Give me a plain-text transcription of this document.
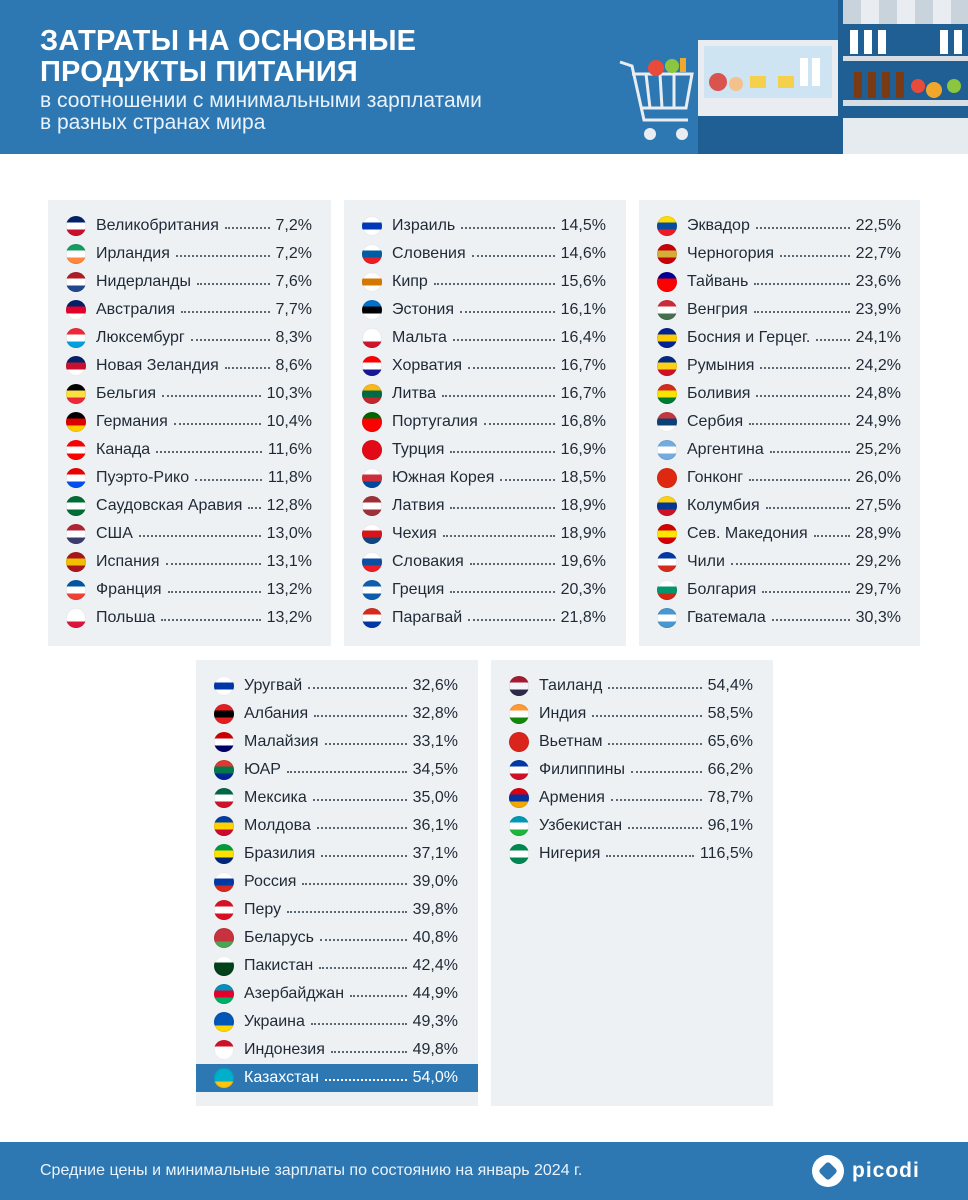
ЗАТРАТЫ НА ОСНОВНЫЕ
ПРОДУКТЫ ПИТАНИЯ
в соотношении с минимальными зарплатами
в разных странах мира
Великобритания	7,2%
Ирландия	7,2%
Нидерланды	7,6%
Австралия	7,7%
Люксембург	8,3%
Новая Зеландия	8,6%
Бельгия	10,3%
Германия	10,4%
Канада	11,6%
Пуэрто-Рико	11,8%
Саудовская Аравия 12,8%
США	13,0%
Испания	13,1%
Франция	13,2%
Польша	13,2%
Израиль	14,5%
Словения	14,6%
Кипр	15,6%
Эстония	16,1%
Мальта	16,4%
Хорватия	16,7%
Литва	16,7%
Португалия	16,8%
Турция	16,9%
Южная Корея	18,5%
Латвия	18,9%
Чехия	18,9%
Словакия	19,6%
Греция	20,3%
Парагвай	21,8%
Эквадор	22,5%
Черногория	22,7%
Тайвань	23,6%
Венгрия	23,9%
Босния и Герцег.	24,1%
Румыния	24,2%
Боливия	24,8%
Сербия	24,9%
Аргентина	25,2%
Гонконг	26,0%
Колумбия	27,5%
Сев. Македония	28,9%
Чили	29,2%
Болгария	29,7%
Гватемала	30,3%
Уругвай	32,6%
Албания	32,8%
Малайзия	33,1%
ЮАР	34,5%
Мексика	35,0%
Молдова	36,1%
Бразилия	37,1%
Россия	39,0%
Перу	39,8%
Беларусь	40,8%
Пакистан	42,4%
Азербайджан	44,9%
Украина	49,3%
Индонезия	49,8%
Казахстан	54,0%
Таиланд	54,4%
Индия	58,5%
Вьетнам	65,6%
Филиппины	66,2%
Армения	78,7%
Узбекистан	96,1%
Нигерия	116,5%
Средние цены и минимальные зарплаты по состоянию на январь 2024 г.	picodi
